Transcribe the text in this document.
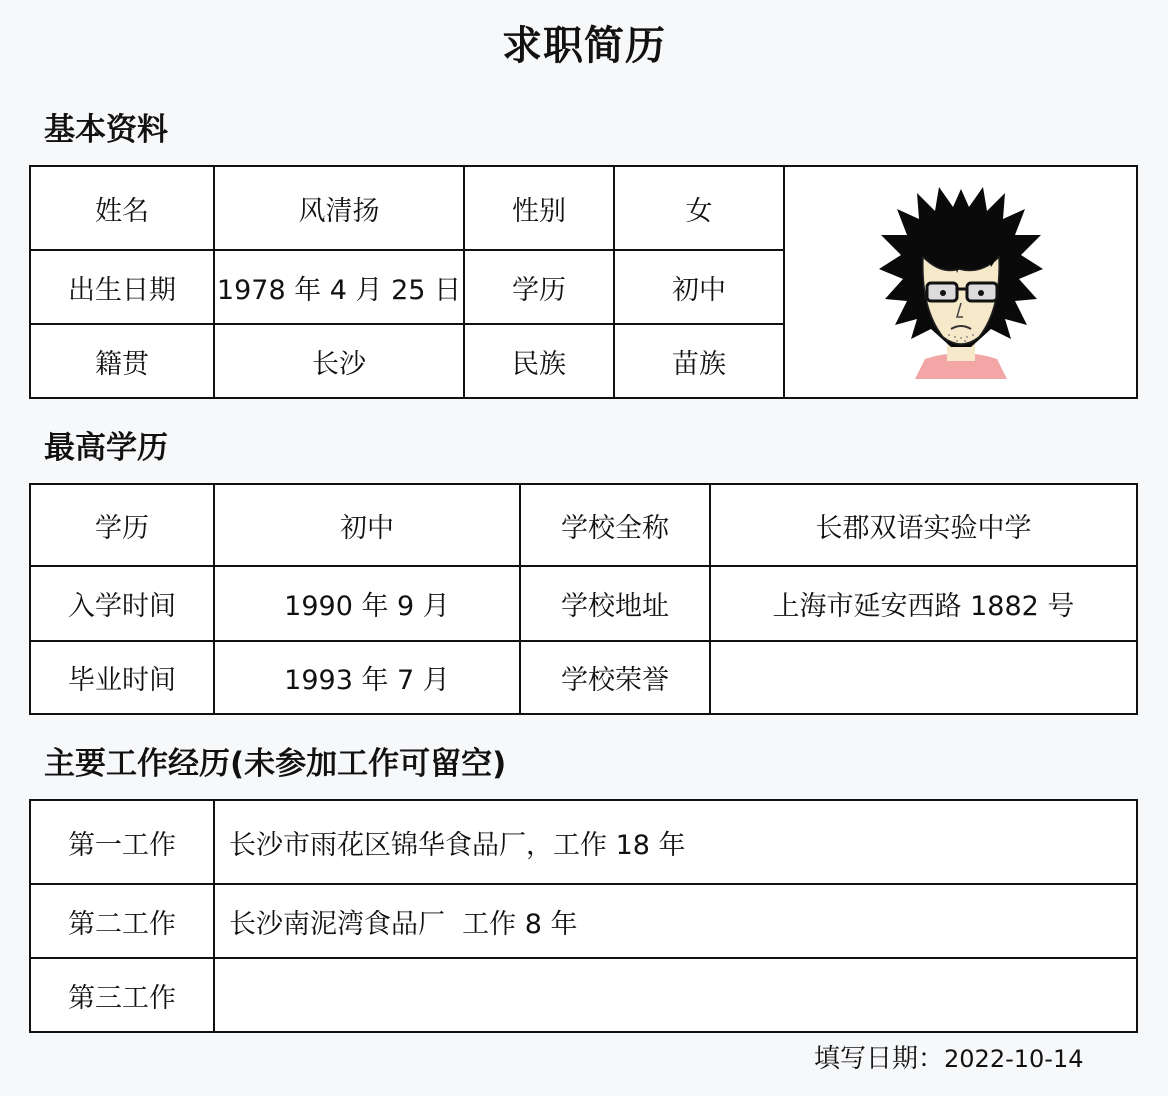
求职简历
基本资料
姓名	风清扬	性别	女	
出生日期	1978 年 4 月 25 日	学历	初中	
籍贯	长沙	民族	苗族	
最高学历
学历	初中	学校全称	长郡双语实验中学
入学时间	1990 年 9 月	学校地址	上海市延安西路 1882 号
毕业时间	1993 年 7 月	学校荣誉	
主要工作经历(未参加工作可留空)
第一工作	长沙市雨花区锦华食品厂，工作 18 年
第二工作	长沙南泥湾食品厂  工作 8 年
第三工作	
填写日期：2022-10-14
